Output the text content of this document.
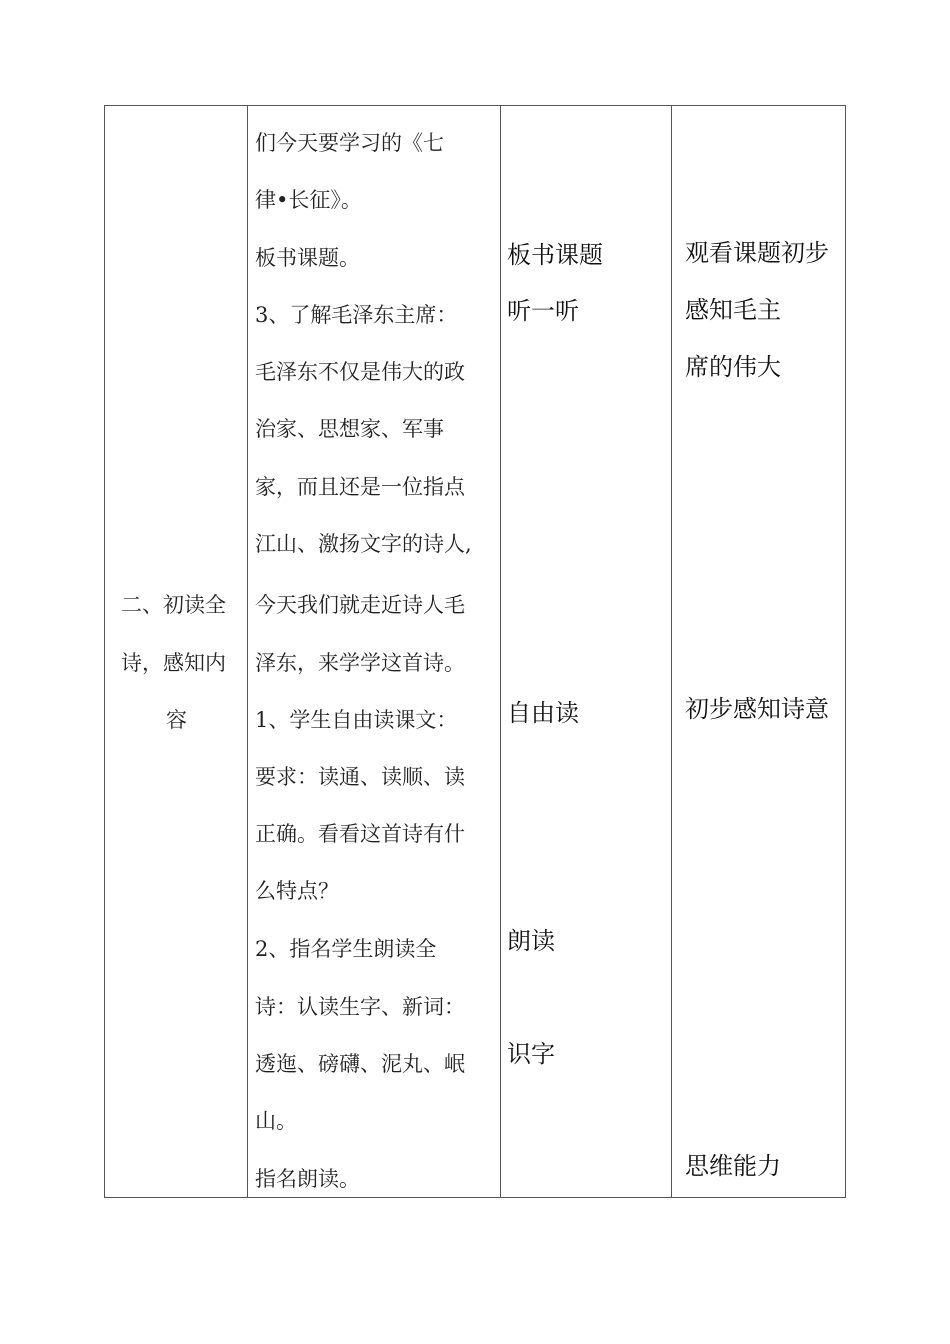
二、初读全
诗，感知内
容
们今天要学习的《七
律•长征》。
板书课题。
3、了解毛泽东主席：
毛泽东不仅是伟大的政
治家、思想家、军事
家，而且还是一位指点
江山、激扬文字的诗人,
今天我们就走近诗人毛
泽东，来学学这首诗。
1、学生自由读课文：
要求：读通、读顺、读
正确。看看这首诗有什
么特点？
2、指名学生朗读全
诗：认读生字、新词：
透迤、磅礴、泥丸、岷
山。
指名朗读。
板书课题
听一听
自由读
朗读
识字
观看课题初步
感知毛主
席的伟大
初步感知诗意
思维能力
